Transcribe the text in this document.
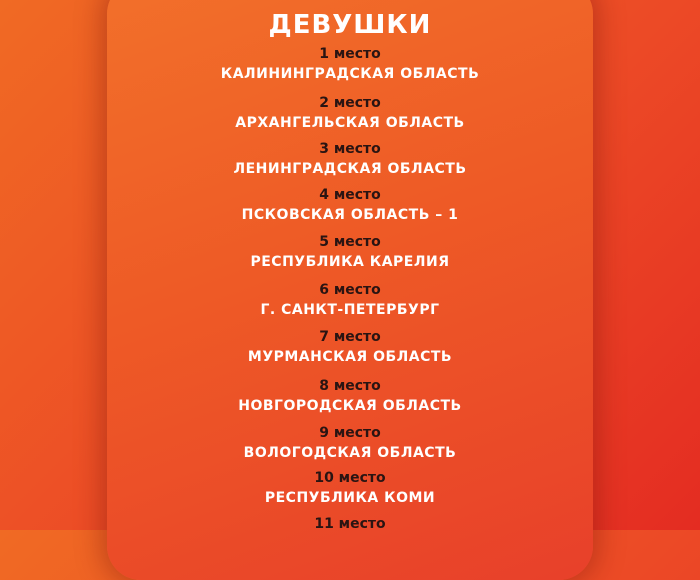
ДЕВУШКИ
1 место
КАЛИНИНГРАДСКАЯ ОБЛАСТЬ
2 место
АРХАНГЕЛЬСКАЯ ОБЛАСТЬ
3 место
ЛЕНИНГРАДСКАЯ ОБЛАСТЬ
4 место
ПСКОВСКАЯ ОБЛАСТЬ – 1
5 место
РЕСПУБЛИКА КАРЕЛИЯ
6 место
Г. САНКТ-ПЕТЕРБУРГ
7 место
МУРМАНСКАЯ ОБЛАСТЬ
8 место
НОВГОРОДСКАЯ ОБЛАСТЬ
9 место
ВОЛОГОДСКАЯ ОБЛАСТЬ
10 место
РЕСПУБЛИКА КОМИ
11 место
